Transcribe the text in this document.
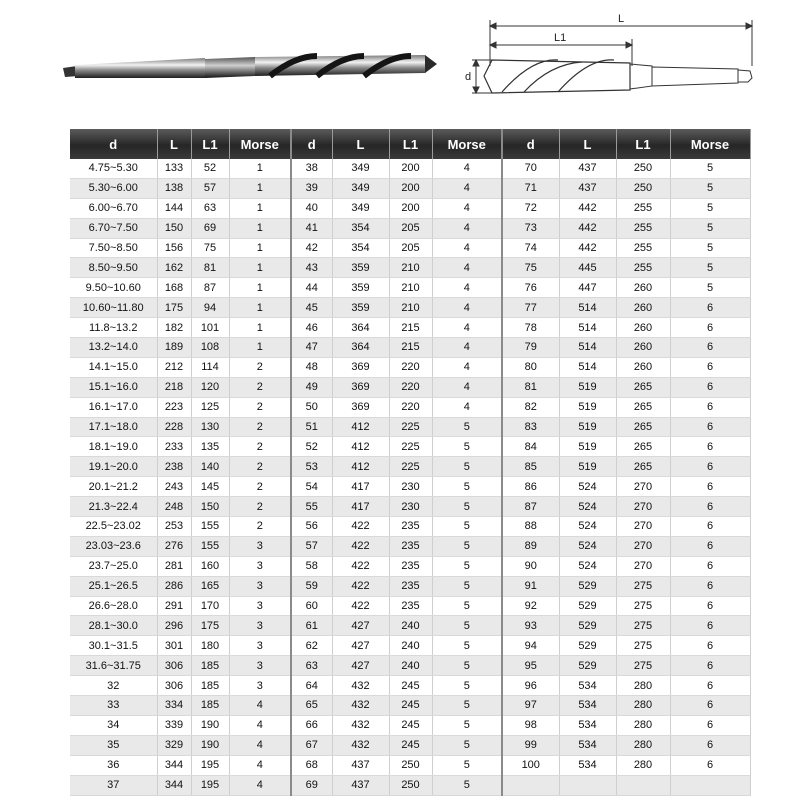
L
L1
d
d	L	L1	Morse	d	L	L1	Morse	d	L	L1	Morse
4.75~5.30	133	52	1	38	349	200	4	70	437	250	5
5.30~6.00	138	57	1	39	349	200	4	71	437	250	5
6.00~6.70	144	63	1	40	349	200	4	72	442	255	5
6.70~7.50	150	69	1	41	354	205	4	73	442	255	5
7.50~8.50	156	75	1	42	354	205	4	74	442	255	5
8.50~9.50	162	81	1	43	359	210	4	75	445	255	5
9.50~10.60	168	87	1	44	359	210	4	76	447	260	5
10.60~11.80	175	94	1	45	359	210	4	77	514	260	6
11.8~13.2	182	101	1	46	364	215	4	78	514	260	6
13.2~14.0	189	108	1	47	364	215	4	79	514	260	6
14.1~15.0	212	114	2	48	369	220	4	80	514	260	6
15.1~16.0	218	120	2	49	369	220	4	81	519	265	6
16.1~17.0	223	125	2	50	369	220	4	82	519	265	6
17.1~18.0	228	130	2	51	412	225	5	83	519	265	6
18.1~19.0	233	135	2	52	412	225	5	84	519	265	6
19.1~20.0	238	140	2	53	412	225	5	85	519	265	6
20.1~21.2	243	145	2	54	417	230	5	86	524	270	6
21.3~22.4	248	150	2	55	417	230	5	87	524	270	6
22.5~23.02	253	155	2	56	422	235	5	88	524	270	6
23.03~23.6	276	155	3	57	422	235	5	89	524	270	6
23.7~25.0	281	160	3	58	422	235	5	90	524	270	6
25.1~26.5	286	165	3	59	422	235	5	91	529	275	6
26.6~28.0	291	170	3	60	422	235	5	92	529	275	6
28.1~30.0	296	175	3	61	427	240	5	93	529	275	6
30.1~31.5	301	180	3	62	427	240	5	94	529	275	6
31.6~31.75	306	185	3	63	427	240	5	95	529	275	6
32	306	185	3	64	432	245	5	96	534	280	6
33	334	185	4	65	432	245	5	97	534	280	6
34	339	190	4	66	432	245	5	98	534	280	6
35	329	190	4	67	432	245	5	99	534	280	6
36	344	195	4	68	437	250	5	100	534	280	6
37	344	195	4	69	437	250	5				
